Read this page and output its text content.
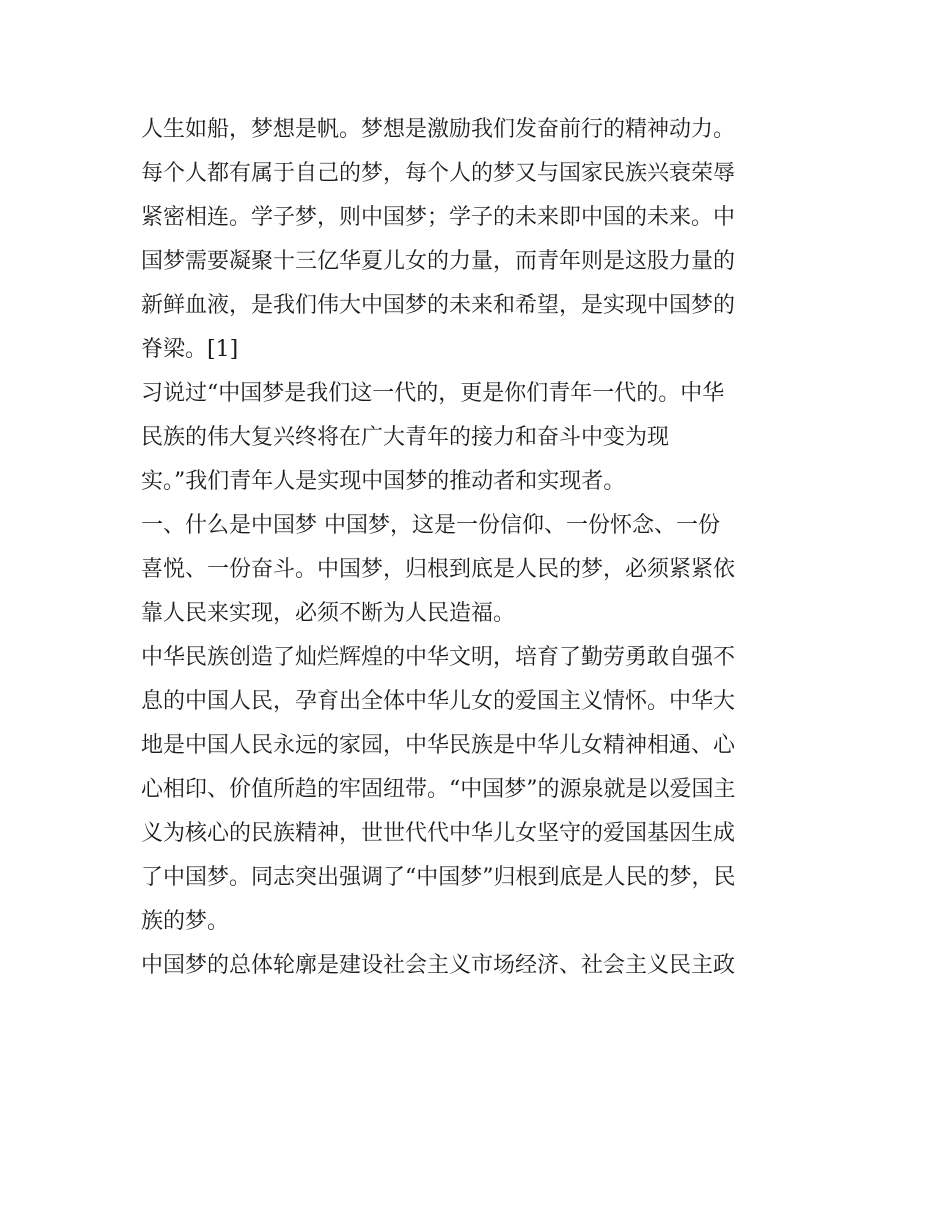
人生如船，梦想是帆。梦想是激励我们发奋前行的精神动力。
每个人都有属于自己的梦，每个人的梦又与国家民族兴衰荣辱
紧密相连。学子梦，则中国梦；学子的未来即中国的未来。中
国梦需要凝聚十三亿华夏儿女的力量，而青年则是这股力量的
新鲜血液，是我们伟大中国梦的未来和希望，是实现中国梦的
脊梁。[1]
习说过“中国梦是我们这一代的，更是你们青年一代的。中华
民族的伟大复兴终将在广大青年的接力和奋斗中变为现
实。”我们青年人是实现中国梦的推动者和实现者。
一、什么是中国梦 中国梦，这是一份信仰、一份怀念、一份
喜悦、一份奋斗。中国梦，归根到底是人民的梦，必须紧紧依
靠人民来实现，必须不断为人民造福。
中华民族创造了灿烂辉煌的中华文明，培育了勤劳勇敢自强不
息的中国人民，孕育出全体中华儿女的爱国主义情怀。中华大
地是中国人民永远的家园，中华民族是中华儿女精神相通、心
心相印、价值所趋的牢固纽带。“中国梦”的源泉就是以爱国主
义为核心的民族精神，世世代代中华儿女坚守的爱国基因生成
了中国梦。同志突出强调了“中国梦”归根到底是人民的梦，民
族的梦。
中国梦的总体轮廓是建设社会主义市场经济、社会主义民主政
